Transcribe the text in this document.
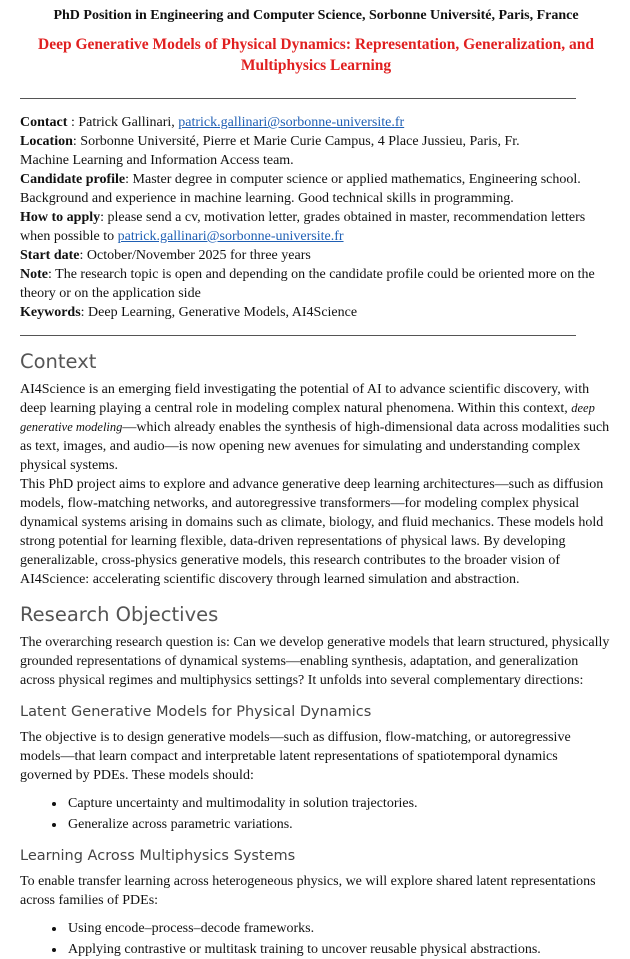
PhD Position in Engineering and Computer Science, Sorbonne Université, Paris, France
Deep Generative Models of Physical Dynamics: Representation, Generalization, and Multiphysics Learning

Contact : Patrick Gallinari, patrick.gallinari@sorbonne-universite.fr

Location: Sorbonne Université, Pierre et Marie Curie Campus, 4 Place Jussieu, Paris, Fr.

Machine Learning and Information Access team.

Candidate profile: Master degree in computer science or applied mathematics, Engineering school. Background and experience in machine learning. Good technical skills in programming.

How to apply: please send a cv, motivation letter, grades obtained in master, recommendation letters when possible to patrick.gallinari@sorbonne-universite.fr

Start date: October/November 2025 for three years

Note: The research topic is open and depending on the candidate profile could be oriented more on the theory or on the application side

Keywords: Deep Learning, Generative Models, AI4Science

Context

AI4Science is an emerging field investigating the potential of AI to advance scientific discovery, with deep learning playing a central role in modeling complex natural phenomena. Within this context, deep generative modeling—which already enables the synthesis of high-dimensional data across modalities such as text, images, and audio—is now opening new avenues for simulating and understanding complex physical systems.

This PhD project aims to explore and advance generative deep learning architectures—such as diffusion models, flow-matching networks, and autoregressive transformers—for modeling complex physical dynamical systems arising in domains such as climate, biology, and fluid mechanics. These models hold strong potential for learning flexible, data-driven representations of physical laws. By developing generalizable, cross-physics generative models, this research contributes to the broader vision of AI4Science: accelerating scientific discovery through learned simulation and abstraction.

Research Objectives

The overarching research question is: Can we develop generative models that learn structured, physically grounded representations of dynamical systems—enabling synthesis, adaptation, and generalization across physical regimes and multiphysics settings? It unfolds into several complementary directions:

Latent Generative Models for Physical Dynamics

The objective is to design generative models—such as diffusion, flow-matching, or autoregressive models—that learn compact and interpretable latent representations of spatiotemporal dynamics governed by PDEs. These models should:

• Capture uncertainty and multimodality in solution trajectories.
• Generalize across parametric variations.
Learning Across Multiphysics Systems

To enable transfer learning across heterogeneous physics, we will explore shared latent representations across families of PDEs:

• Using encode–process–decode frameworks.
• Applying contrastive or multitask training to uncover reusable physical abstractions.
